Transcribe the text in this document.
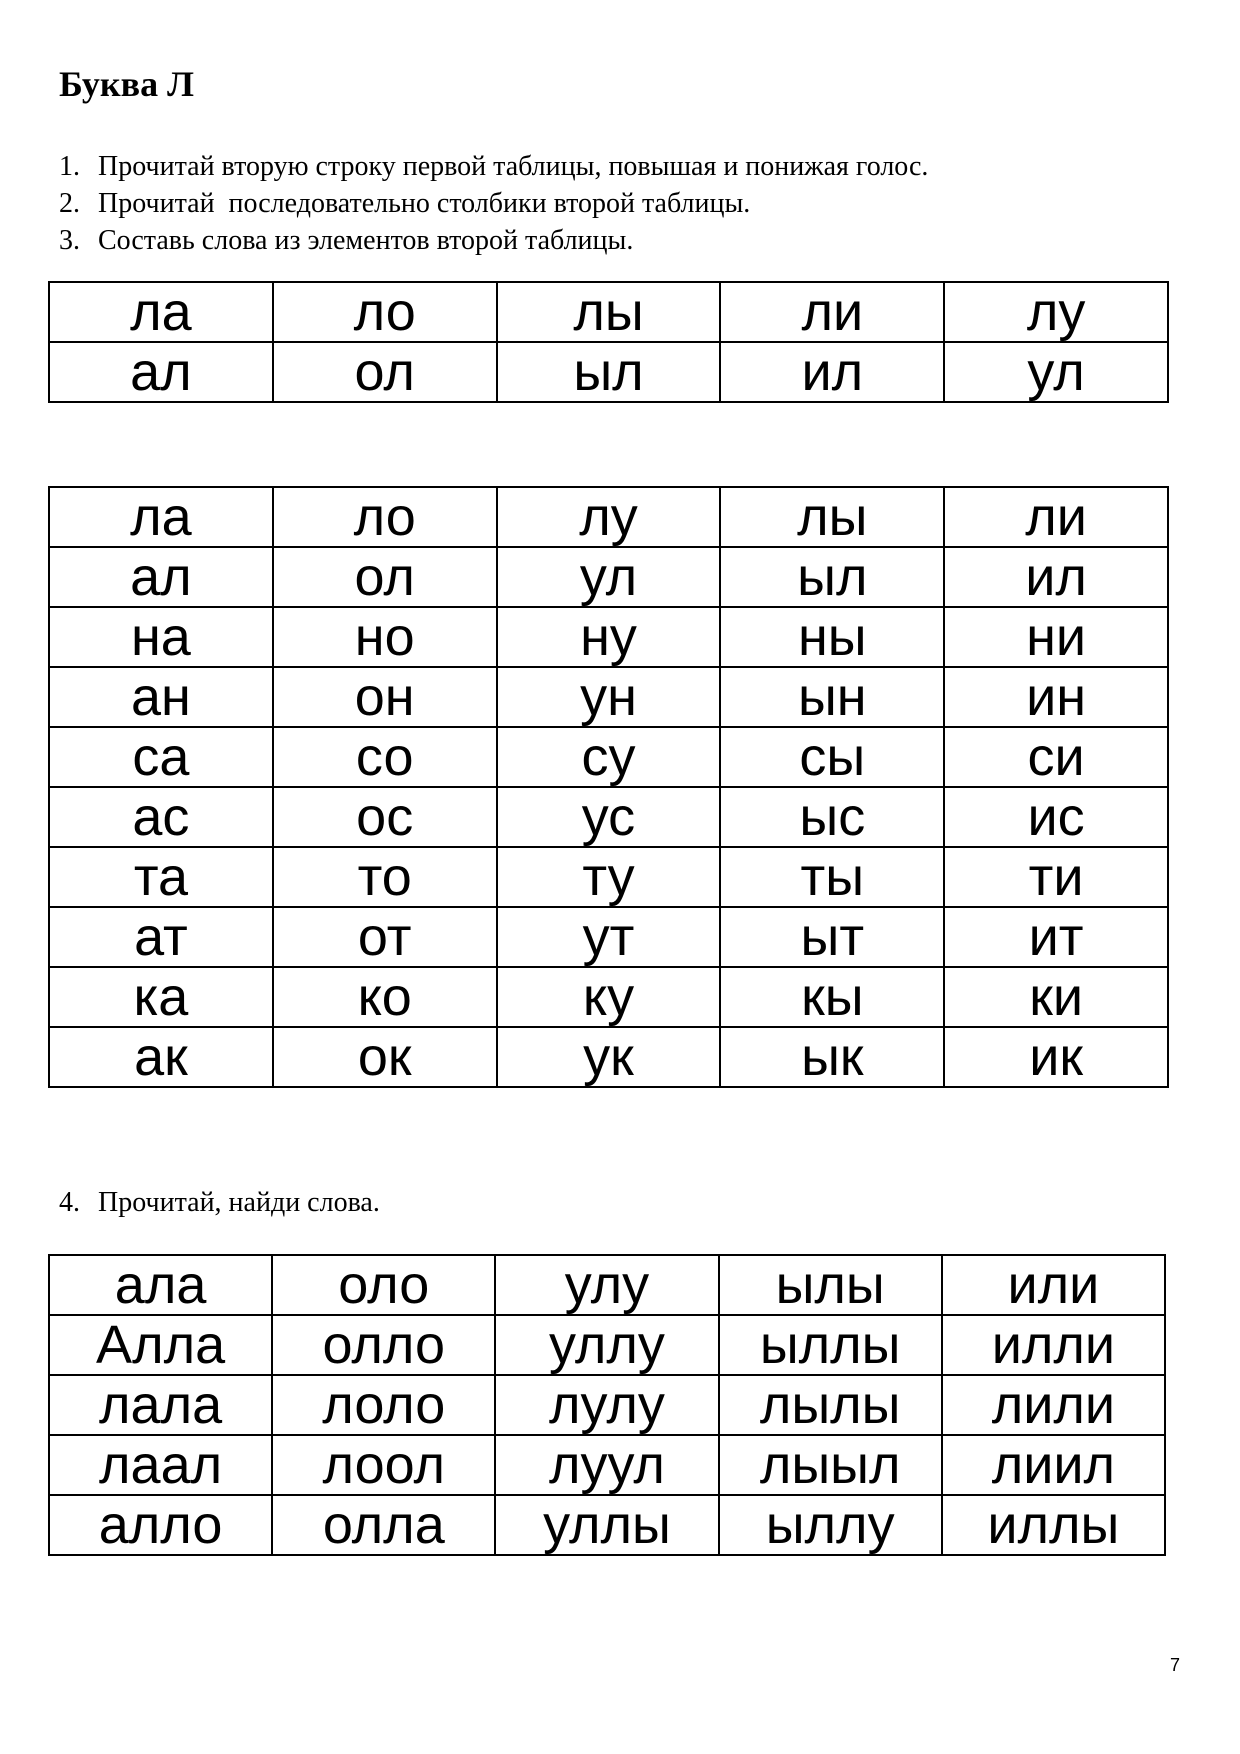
Буква Л
1. Прочитай вторую строку первой таблицы, повышая и понижая голос.
2. Прочитай  последовательно столбики второй таблицы.
3. Составь слова из элементов второй таблицы.
ла	ло	лы	ли	лу
ал	ол	ыл	ил	ул
ла	ло	лу	лы	ли
ал	ол	ул	ыл	ил
на	но	ну	ны	ни
ан	он	ун	ын	ин
са	со	су	сы	си
ас	ос	ус	ыс	ис
та	то	ту	ты	ти
ат	от	ут	ыт	ит
ка	ко	ку	кы	ки
ак	ок	ук	ык	ик
4. Прочитай, найди слова.
ала	оло	улу	ылы	или
Алла	олло	уллу	ыллы	илли
лала	лоло	лулу	лылы	лили
лаал	лоол	луул	лыыл	лиил
алло	олла	уллы	ыллу	иллы
7
